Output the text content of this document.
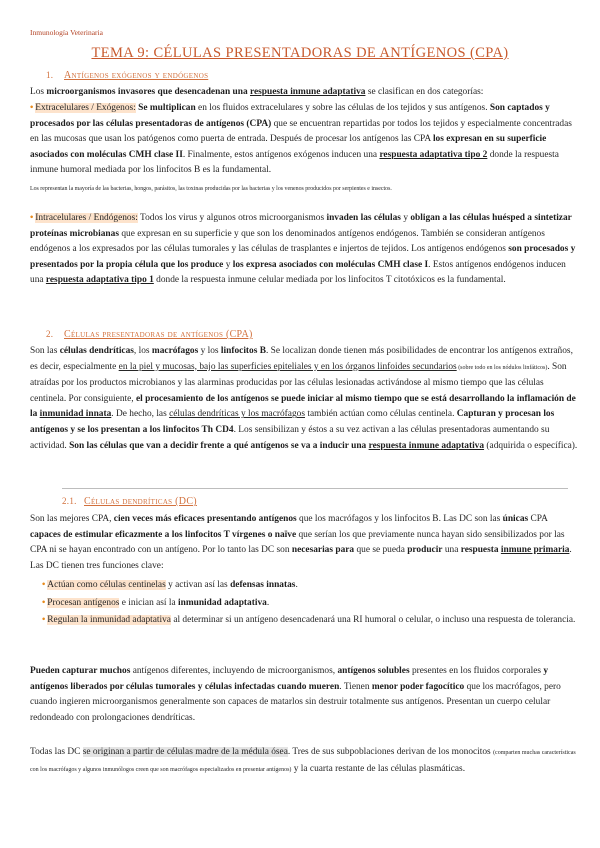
Inmunología Veterinaria
TEMA 9: CÉLULAS PRESENTADORAS DE ANTÍGENOS (CPA)
1. Antígenos exógenos y endógenos

Los microorganismos invasores que desencadenan una respuesta inmune adaptativa se clasifican en dos categorías:

• Extracelulares / Exógenos: Se multiplican en los fluidos extracelulares y sobre las células de los tejidos y sus antígenos. Son captados y procesados por las células presentadoras de antígenos (CPA) que se encuentran repartidas por todos los tejidos y especialmente concentradas en las mucosas que usan los patógenos como puerta de entrada. Después de procesar los antígenos las CPA los expresan en su superficie asociados con moléculas CMH clase II. Finalmente, estos antígenos exógenos inducen una respuesta adaptativa tipo 2 donde la respuesta inmune humoral mediada por los linfocitos B es la fundamental.

Los representan la mayoría de las bacterias, hongos, parásitos, las toxinas producidas por las bacterias y los venenos producidos por serpientes e insectos.

• Intracelulares / Endógenos: Todos los virus y algunos otros microorganismos invaden las células y obligan a las células huésped a sintetizar proteínas microbianas que expresan en su superficie y que son los denominados antígenos endógenos. También se consideran antígenos endógenos a los expresados por las células tumorales y las células de trasplantes e injertos de tejidos. Los antígenos endógenos son procesados y presentados por la propia célula que los produce y los expresa asociados con moléculas CMH clase I. Estos antígenos endógenos inducen una respuesta adaptativa tipo 1 donde la respuesta inmune celular mediada por los linfocitos T citotóxicos es la fundamental.

2. Células presentadoras de antígenos (CPA)

Son las células dendríticas, los macrófagos y los linfocitos B. Se localizan donde tienen más posibilidades de encontrar los antígenos extraños, es decir, especialmente en la piel y mucosas, bajo las superficies epiteliales y en los órganos linfoides secundarios (sobre todo en los nódulos linfáticos). Son atraídas por los productos microbianos y las alarminas producidas por las células lesionadas activándose al mismo tiempo que las células centinela. Por consiguiente, el procesamiento de los antígenos se puede iniciar al mismo tiempo que se está desarrollando la inflamación de la inmunidad innata. De hecho, las células dendríticas y los macrófagos también actúan como células centinela. Capturan y procesan los antígenos y se los presentan a los linfocitos Th CD4. Los sensibilizan y éstos a su vez activan a las células presentadoras aumentando su actividad. Son las células que van a decidir frente a qué antígenos se va a inducir una respuesta inmune adaptativa (adquirida o específica).

2.1. Células dendríticas (DC)

Son las mejores CPA, cien veces más eficaces presentando antígenos que los macrófagos y los linfocitos B. Las DC son las únicas CPA capaces de estimular eficazmente a los linfocitos T vírgenes o naïve que serían los que previamente nunca hayan sido sensibilizados por las CPA ni se hayan encontrado con un antígeno. Por lo tanto las DC son necesarias para que se pueda producir una respuesta inmune primaria. Las DC tienen tres funciones clave:

• Actúan como células centinelas y activan así las defensas innatas.

• Procesan antígenos e inician así la inmunidad adaptativa.

• Regulan la inmunidad adaptativa al determinar si un antígeno desencadenará una RI humoral o celular, o incluso una respuesta de tolerancia.

Pueden capturar muchos antígenos diferentes, incluyendo de microorganismos, antígenos solubles presentes en los fluidos corporales y antígenos liberados por células tumorales y células infectadas cuando mueren. Tienen menor poder fagocítico que los macrófagos, pero cuando ingieren microorganismos generalmente son capaces de matarlos sin destruir totalmente sus antígenos. Presentan un cuerpo celular redondeado con prolongaciones dendríticas.

Todas las DC se originan a partir de células madre de la médula ósea. Tres de sus subpoblaciones derivan de los monocitos (comparten muchas características con los macrófagos y algunos inmunólogos creen que son macrófagos especializados en presentar antígenos) y la cuarta restante de las células plasmáticas.
